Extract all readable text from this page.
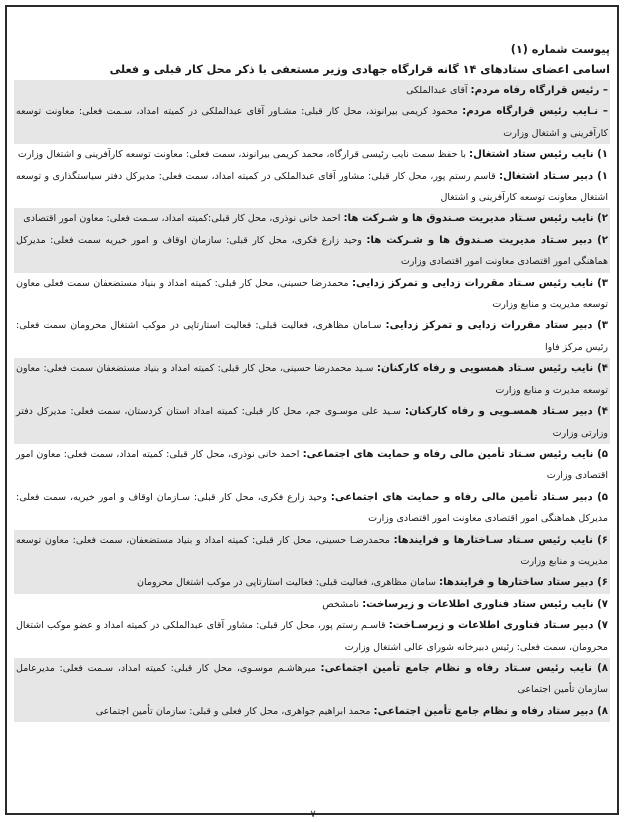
پیوست شماره (۱)

اسامی اعضای ستادهای ۱۴ گانه قرارگاه جهادی وزیر مستعفی با ذکر محل کار قبلی و فعلی

– رئیس قرارگاه رفاه مردم: آقای عبدالملکی

– نـایب رئیس قرارگاه مردم: محمود کریمی بیرانوند، محل کار قبلی: مشـاور آقای عبدالملکی در کمیته امداد، سـمت فعلی: معاونت توسعه کارآفرینی و اشتغال وزارت

۱) نایب رئیس ستاد اشتغال: با حفظ سمت نایب رئیسی قرارگاه، محمد کریمی بیرانوند، سمت فعلی: معاونت توسعه کارآفرینی و اشتغال وزارت

۱) دبیر سـتاد اشتغال: قاسم رستم پور، محل کار قبلی: مشاور آقای عبدالملکی در کمیته امداد، سمت فعلی: مدیرکل دفتر سیاستگذاری و توسعه اشتغال معاونت توسعه کارآفرینی و اشتغال

۲) نایب رئیس سـتاد مدیریت صـندوق ها و شـرکت ها: احمد خانی نوذری، محل کار قبلی:کمیته امداد، سـمت فعلی: معاون امور اقتصادی

۲) دبیر سـتاد مدیریت صـندوق ها و شـرکت ها: وحید زارع فکری، محل کار قبلی: سازمان اوقاف و امور خیریه سمت فعلی: مدیرکل هماهنگی امور اقتصادی معاونت امور اقتصادی وزارت

۳) نایب رئیس سـتاد مقررات زدایی و تمرکز زدایی: محمدرضا حسینی، محل کار قبلی: کمیته امداد و بنیاد مستضعفان سمت فعلی معاون توسعه مدیریت و منابع وزارت

۳) دبیر ستاد مقررات زدایی و تمرکز زدایی: سـامان مظاهری، فعالیت قبلی: فعالیت استارتاپی در موکب اشتغال محرومان سمت فعلی: رئیس مرکز فاوا

۴) نایب رئیس سـتاد همسویی و رفاه کارکنان: سـید محمدرضا حسینی، محل کار قبلی: کمیته امداد و بنیاد مستضعفان سمت فعلی: معاون توسعه مدیرت و منابع وزارت

۴) دبیر سـتاد همسـویی و رفاه کارکنان: سـید علی موسـوی جم، محل کار قبلی: کمیته امداد استان کردستان، سمت فعلی: مدیرکل دفتر وزارتی وزارت

۵) نایب رئیس سـتاد تأمین مالی رفاه و حمایت های اجتماعی: احمد خانی نوذری، محل کار قبلی: کمیته امداد، سمت فعلی: معاون امور اقتصادی وزارت

۵) دبیر سـتاد تأمین مالی رفاه و حمایت های اجتماعی: وحید زارع فکری، محل کار قبلی: سـازمان اوقاف و امور خیریه، سمت فعلی: مدیرکل هماهنگی امور اقتصادی معاونت امور اقتصادی وزارت

۶) نایب رئیس سـتاد سـاختارها و فرایندها: محمدرضـا حسینی، محل کار قبلی: کمیته امداد و بنیاد مستضعفان، سمت فعلی: معاون توسعه مدیریت و منابع وزارت

۶) دبیر ستاد ساختارها و فرایندها: سامان مظاهری، فعالیت قبلی: فعالیت استارتاپی در موکب اشتغال محرومان

۷) نایب رئیس ستاد فناوری اطلاعات و زیرساخت: نامشخص

۷) دبیر سـتاد فناوری اطلاعات و زیرسـاخت: قاسـم رستم پور، محل کار قبلی: مشاور آقای عبدالملکی در کمیته امداد و عضو موکب اشتغال محرومان، سمت فعلی: رئیس دبیرخانه شورای عالی اشتغال وزارت

۸) نایب رئیس سـتاد رفاه و نظام جامع تأمین اجتماعی: میرهاشـم موسـوی، محل کار قبلی: کمیته امداد، سـمت فعلی: مدیرعامل سازمان تأمین اجتماعی

۸) دبیر ستاد رفاه و نظام جامع تأمین اجتماعی: محمد ابراهیم جواهری، محل کار فعلی و قبلی: سازمان تأمین اجتماعی

۷
